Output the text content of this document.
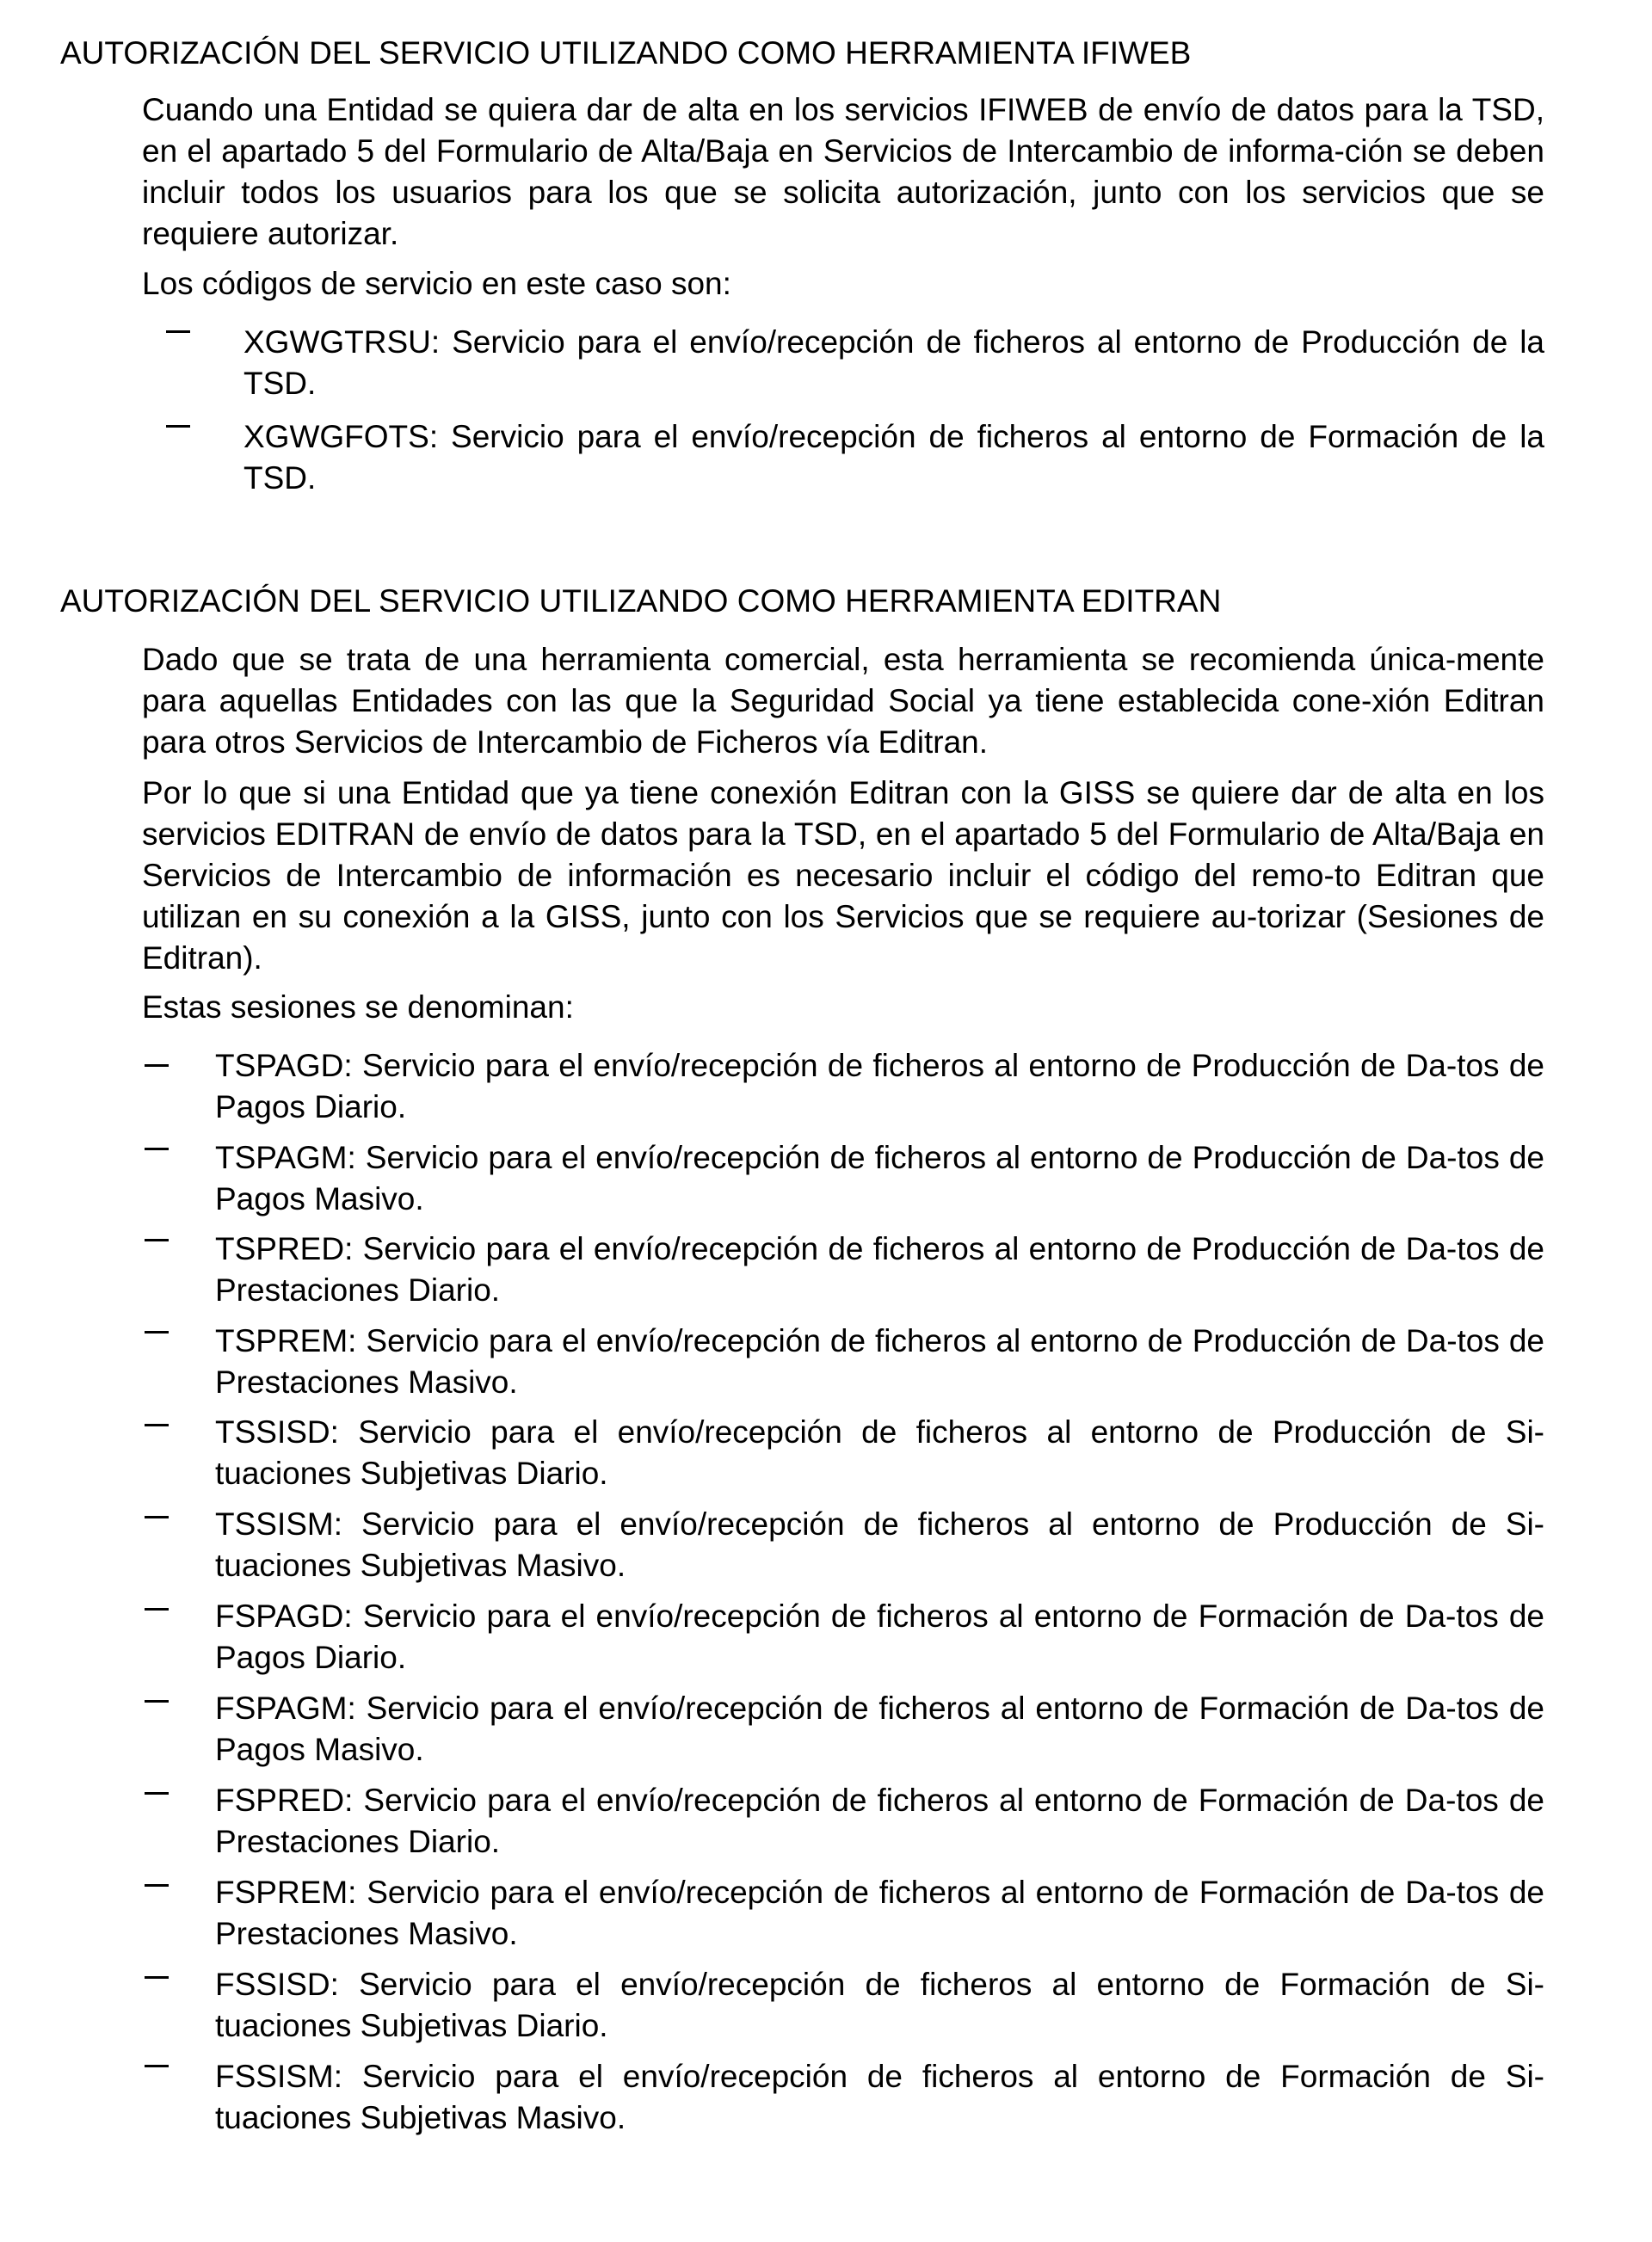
AUTORIZACIÓN DEL SERVICIO UTILIZANDO COMO HERRAMIENTA IFIWEB
Cuando una Entidad se quiera dar de alta en los servicios IFIWEB de envío de datos para la TSD, en el apartado 5 del Formulario de Alta/Baja en Servicios de Intercambio de informa-ción se deben incluir todos los usuarios para los que se solicita autorización, junto con los servicios que se requiere autorizar.
Los códigos de servicio en este caso son:
XGWGTRSU: Servicio para el envío/recepción de ficheros al entorno de Producción de la TSD.
XGWGFOTS: Servicio para el envío/recepción de ficheros al entorno de Formación de la TSD.
AUTORIZACIÓN DEL SERVICIO UTILIZANDO COMO HERRAMIENTA EDITRAN
Dado que se trata de una herramienta comercial, esta herramienta se recomienda única-mente para aquellas Entidades con las que la Seguridad Social ya tiene establecida cone-xión Editran para otros Servicios de Intercambio de Ficheros vía Editran.
Por lo que si una Entidad que ya tiene conexión Editran con la GISS se quiere dar de alta en los servicios EDITRAN de envío de datos para la TSD, en el apartado 5 del Formulario de Alta/Baja en Servicios de Intercambio de información es necesario incluir el código del remo-to Editran que utilizan en su conexión a la GISS, junto con los Servicios que se requiere au-torizar (Sesiones de Editran).
Estas sesiones se denominan:
TSPAGD: Servicio para el envío/recepción de ficheros al entorno de Producción de Da-tos de Pagos Diario.
TSPAGM: Servicio para el envío/recepción de ficheros al entorno de Producción de Da-tos de Pagos Masivo.
TSPRED: Servicio para el envío/recepción de ficheros al entorno de Producción de Da-tos de Prestaciones Diario.
TSPREM: Servicio para el envío/recepción de ficheros al entorno de Producción de Da-tos de Prestaciones Masivo.
TSSISD: Servicio para el envío/recepción de ficheros al entorno de Producción de Si-tuaciones Subjetivas Diario.
TSSISM: Servicio para el envío/recepción de ficheros al entorno de Producción de Si-tuaciones Subjetivas Masivo.
FSPAGD: Servicio para el envío/recepción de ficheros al entorno de Formación de Da-tos de Pagos Diario.
FSPAGM: Servicio para el envío/recepción de ficheros al entorno de Formación de Da-tos de Pagos Masivo.
FSPRED: Servicio para el envío/recepción de ficheros al entorno de Formación de Da-tos de Prestaciones Diario.
FSPREM: Servicio para el envío/recepción de ficheros al entorno de Formación de Da-tos de Prestaciones Masivo.
FSSISD: Servicio para el envío/recepción de ficheros al entorno de Formación de Si-tuaciones Subjetivas Diario.
FSSISM: Servicio para el envío/recepción de ficheros al entorno de Formación de Si-tuaciones Subjetivas Masivo.
